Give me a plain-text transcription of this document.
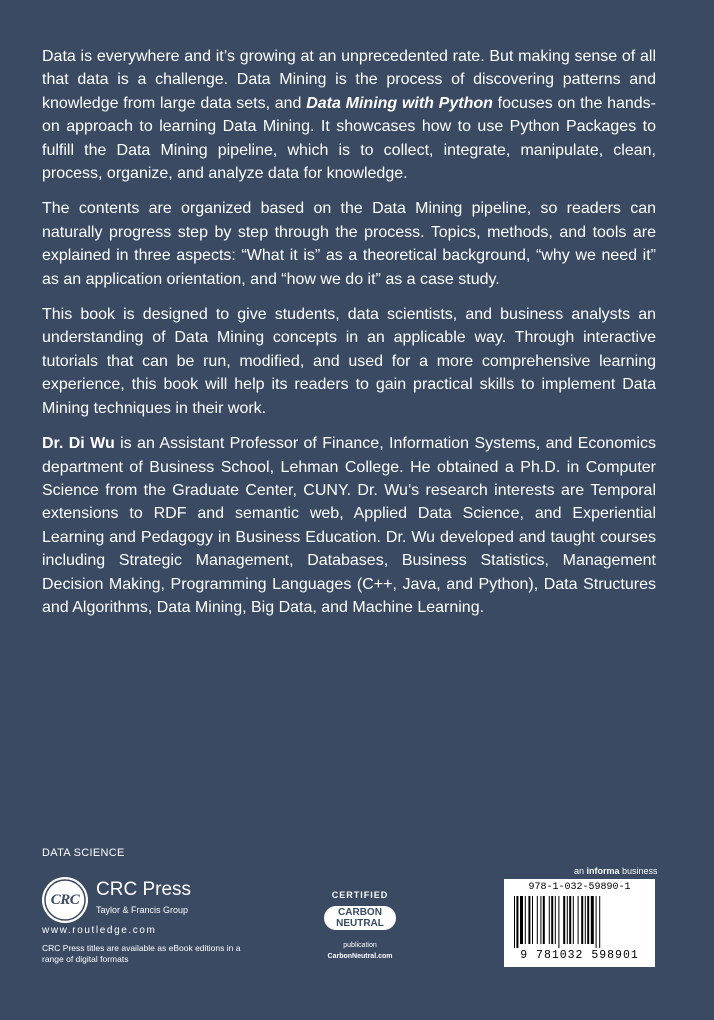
Data is everywhere and it’s growing at an unprecedented rate. But making sense of all that data is a challenge. Data Mining is the process of discovering patterns and knowledge from large data sets, and Data Mining with Python focuses on the hands-on approach to learning Data Mining. It showcases how to use Python Packages to fulfill the Data Mining pipeline, which is to collect, integrate, manipulate, clean, process, organize, and analyze data for knowledge.

The contents are organized based on the Data Mining pipeline, so readers can naturally progress step by step through the process. Topics, methods, and tools are explained in three aspects: “What it is” as a theoretical background, “why we need it” as an application orientation, and “how we do it” as a case study.

This book is designed to give students, data scientists, and business analysts an understanding of Data Mining concepts in an applicable way. Through interactive tutorials that can be run, modified, and used for a more comprehensive learning experience, this book will help its readers to gain practical skills to implement Data Mining techniques in their work.

Dr. Di Wu is an Assistant Professor of Finance, Information Systems, and Economics department of Business School, Lehman College. He obtained a Ph.D. in Computer Science from the Graduate Center, CUNY. Dr. Wu’s research interests are Temporal extensions to RDF and semantic web, Applied Data Science, and Experiential Learning and Pedagogy in Business Education. Dr. Wu developed and taught courses including Strategic Management, Databases, Business Statistics, Management Decision Making, Programming Languages (C++, Java, and Python), Data Structures and Algorithms, Data Mining, Big Data, and Machine Learning.

DATA SCIENCE
CRC CRC Press
Taylor & Francis Group
www.routledge.com
CRC Press titles are available as eBook editions in a range of digital formats
CERTIFIED
CARBON
NEUTRAL
publication
CarbonNeutral.com
an informa business
978-1-032-59890-1
9 781032 598901
